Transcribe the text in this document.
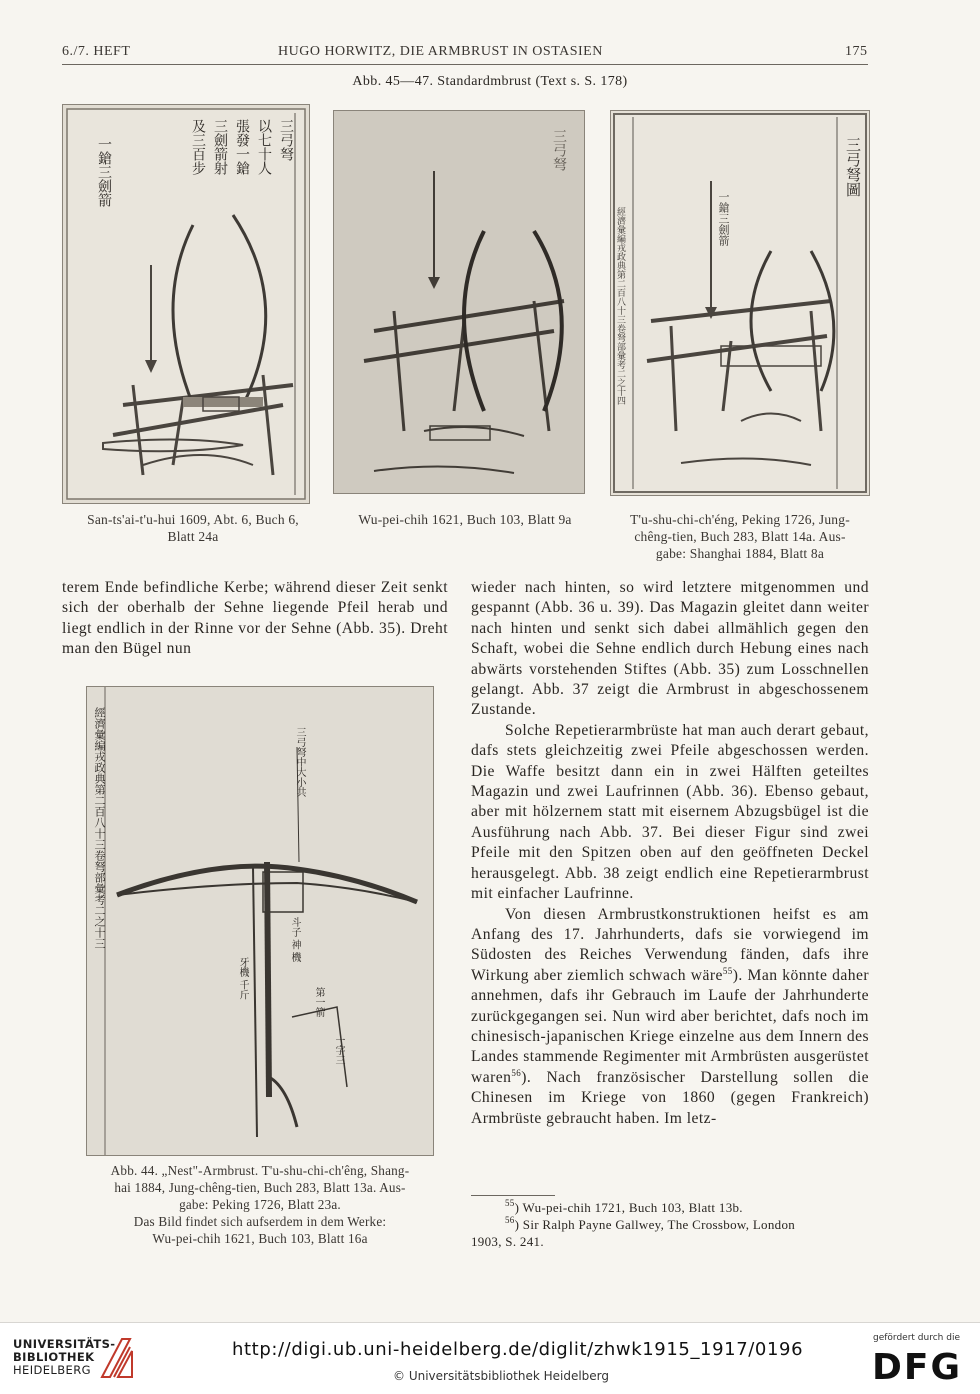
6./7. HEFT	HUGO HORWITZ, DIE ARMBRUST IN OSTASIEN	175
Abb. 45—47. Standardmbrust (Text s. S. 178)
三弓弩
以七十人
張發一鎗
三劍箭射
及三百步
一鎗三劍箭	三弓弩	三弓弩圖
一鎗三劍箭
經濟彙編戎政典第二百八十三卷弩部彙考二之十四
San-ts'ai-t'u-hui 1609, Abt. 6, Buch 6,
Blatt 24a
Wu-pei-chih 1621, Buch 103, Blatt 9a	T'u-shu-chi-ch'éng, Peking 1726, Jung-
chêng-tien, Buch 283, Blatt 14a. Aus-
gabe: Shanghai 1884, Blatt 8a

terem Ende befindliche Kerbe; während dieser Zeit senkt sich der oberhalb der Sehne liegende Pfeil herab und liegt endlich in der Rinne vor der Sehne (Abb. 35). Dreht man den Bügel nun

經濟彙編戎政典第二百八十三卷弩部彙考二之十三	三弓弩中大小共
牙機 千斤
斗子 神 機
第一箭
一字三
Abb. 44. „Nest"-Armbrust. T'u-shu-chi-ch'êng, Shang-
hai 1884, Jung-chêng-tien, Buch 283, Blatt 13a. Aus-
gabe: Peking 1726, Blatt 23a.
Das Bild findet sich aufserdem in dem Werke:
Wu-pei-chih 1621, Buch 103, Blatt 16a

wieder nach hinten, so wird letztere mitgenommen und gespannt (Abb. 36 u. 39). Das Magazin gleitet dann weiter nach hinten und senkt sich dabei allmählich gegen den Schaft, wobei die Sehne endlich durch Hebung eines nach abwärts vorstehenden Stiftes (Abb. 35) zum Losschnellen gelangt. Abb. 37 zeigt die Armbrust in abgeschossenem Zustande.

Solche Repetierarmbrüste hat man auch derart gebaut, dafs stets gleichzeitig zwei Pfeile abgeschossen werden. Die Waffe besitzt dann ein in zwei Hälften geteiltes Magazin und zwei Laufrinnen (Abb. 36). Ebenso gebaut, aber mit hölzernem statt mit eisernem Abzugsbügel ist die Ausführung nach Abb. 37. Bei dieser Figur sind zwei Pfeile mit den Spitzen oben auf den geöffneten Deckel herausgelegt. Abb. 38 zeigt endlich eine Repetierarmbrust mit einfacher Laufrinne.

Von diesen Armbrustkonstruktionen heifst es am Anfang des 17. Jahrhunderts, dafs sie vorwiegend im Südosten des Reiches Verwendung fänden, dafs ihre Wirkung aber ziemlich schwach wäre$^{55}$). Man könnte daher annehmen, dafs ihr Gebrauch im Laufe der Jahrhunderte zurückgegangen sei. Nun wird aber berichtet, dafs noch im chinesisch-japanischen Kriege einzelne aus dem Innern des Landes stammende Regimenter mit Armbrüsten ausgerüstet waren$^{56}$). Nach französischer Darstellung sollen die Chinesen im Kriege von 1860 (gegen Frankreich) Armbrüste gebraucht haben. Im letz-

$^{55}$) Wu-pei-chih 1721, Buch 103, Blatt 13b.
$^{56}$) Sir Ralph Payne Gallwey, The Crossbow, London
1903, S. 241.
UNIVERSITÄTS-
BIBLIOTHEK
HEIDELBERG
http://digi.ub.uni-heidelberg.de/diglit/zhwk1915_1917/0196
© Universitätsbibliothek Heidelberg
gefördert durch die
DFG
